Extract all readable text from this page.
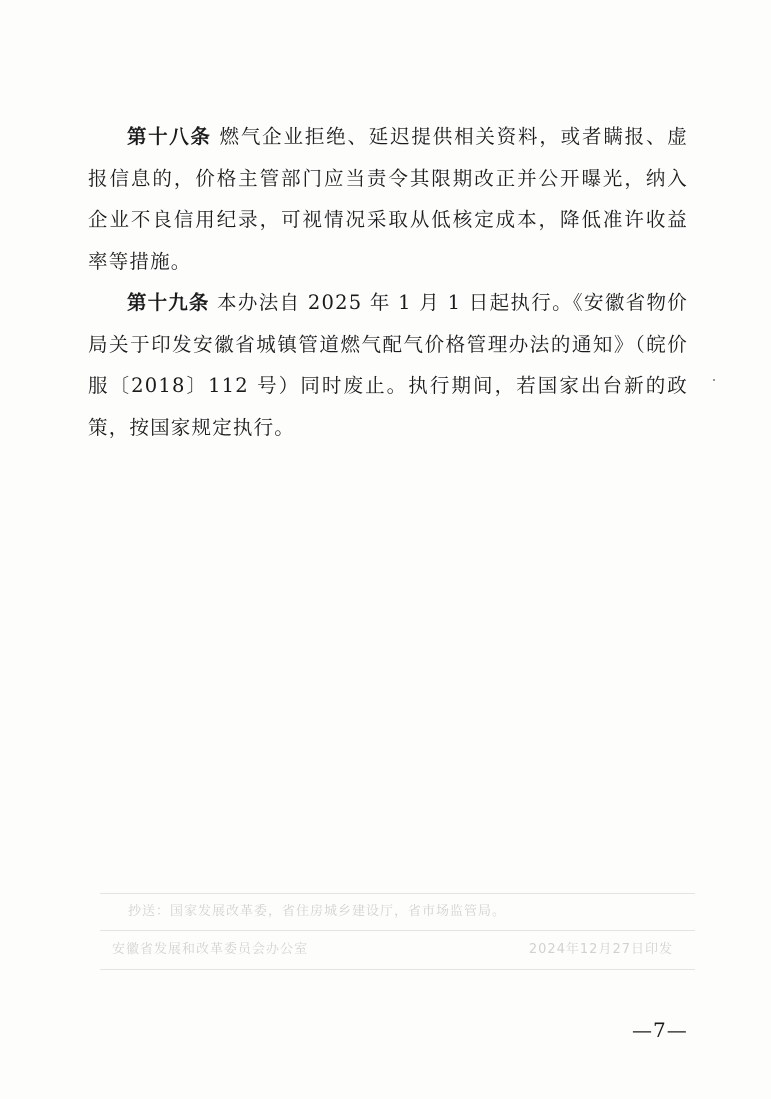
第十八条 燃气企业拒绝、延迟提供相关资料，或者瞒报、虚报信息的，价格主管部门应当责令其限期改正并公开曝光，纳入企业不良信用纪录，可视情况采取从低核定成本，降低准许收益率等措施。

第十九条 本办法自 2025 年 1 月 1 日起执行。《安徽省物价局关于印发安徽省城镇管道燃气配气价格管理办法的通知》（皖价服〔2018〕112 号）同时废止。执行期间，若国家出台新的政策，按国家规定执行。

抄送：国家发展改革委，省住房城乡建设厅，省市场监管局。
安徽省发展和改革委员会办公室	2024年12月27日印发
—7—
